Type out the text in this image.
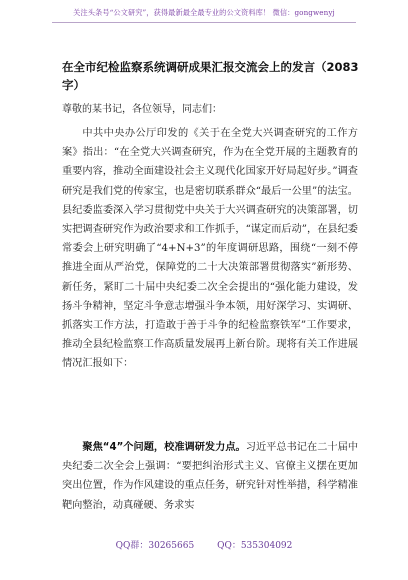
关注头条号“公文研究”，获得最新最全最专业的公文资料库！ 微信：gongwenyj
在全市纪检监察系统调研成果汇报交流会上的发言（2083字）
尊敬的某书记，各位领导，同志们：

中共中央办公厅印发的《关于在全党大兴调查研究的工作方案》指出：“在全党大兴调查研究，作为在全党开展的主题教育的重要内容，推动全面建设社会主义现代化国家开好局起好步。”调查研究是我们党的传家宝，也是密切联系群众“最后一公里”的法宝。县纪委监委深入学习贯彻党中央关于大兴调查研究的决策部署，切实把调查研究作为政治要求和工作抓手，“谋定而后动”，在县纪委常委会上研究明确了“4+N+3”的年度调研思路，围绕“一刻不停推进全面从严治党，保障党的二十大决策部署贯彻落实”新形势、新任务，紧盯二十届中央纪委二次全会提出的“强化能力建设，发扬斗争精神，坚定斗争意志增强斗争本领，用好深学习、实调研、抓落实工作方法，打造敢于善于斗争的纪检监察铁军”工作要求，推动全县纪检监察工作高质量发展再上新台阶。现将有关工作进展情况汇报如下：

聚焦“4”个问题，校准调研发力点。习近平总书记在二十届中央纪委二次全会上强调：“要把纠治形式主义、官僚主义摆在更加突出位置，作为作风建设的重点任务，研究针对性举措，科学精准靶向整治，动真碰硬、务求实

QQ群：30265665	QQ：535304092
